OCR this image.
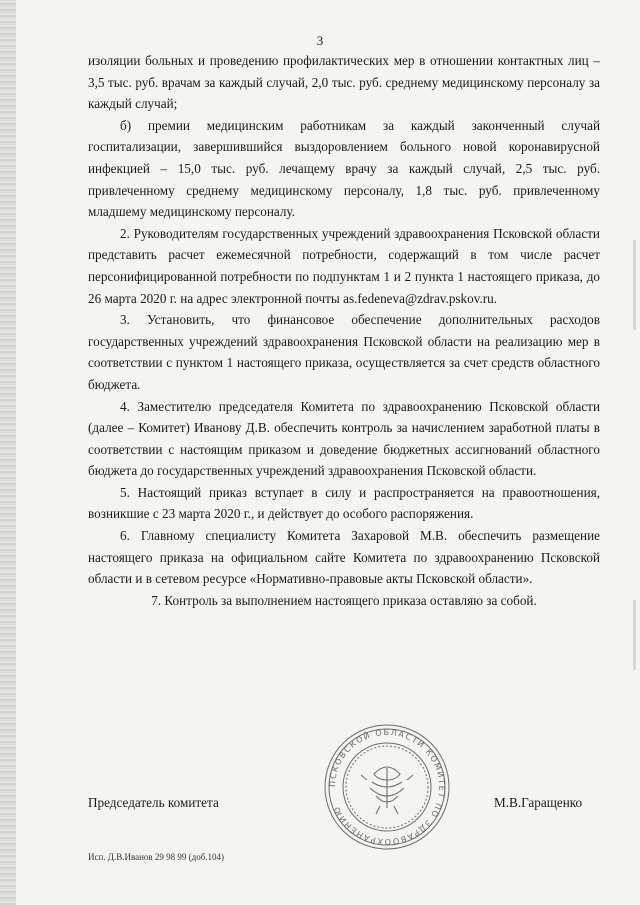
3

изоляции больных и проведению профилактических мер в отношении контактных лиц – 3,5 тыс. руб. врачам за каждый случай, 2,0 тыс. руб. среднему медицинскому персоналу за каждый случай;

б) премии медицинским работникам за каждый законченный случай госпитализации, завершившийся выздоровлением больного новой коронавирусной инфекцией – 15,0 тыс. руб. лечащему врачу за каждый случай, 2,5 тыс. руб. привлеченному среднему медицинскому персоналу, 1,8 тыс. руб. привлеченному младшему медицинскому персоналу.

2. Руководителям государственных учреждений здравоохранения Псковской области представить расчет ежемесячной потребности, содержащий в том числе расчет персонифицированной потребности по подпунктам 1 и 2 пункта 1 настоящего приказа, до 26 марта 2020 г. на адрес электронной почты as.fedeneva@zdrav.pskov.ru.

3. Установить, что финансовое обеспечение дополнительных расходов государственных учреждений здравоохранения Псковской области на реализацию мер в соответствии с пунктом 1 настоящего приказа, осуществляется за счет средств областного бюджета.

4. Заместителю председателя Комитета по здравоохранению Псковской области (далее – Комитет) Иванову Д.В. обеспечить контроль за начислением заработной платы в соответствии с настоящим приказом и доведение бюджетных ассигнований областного бюджета до государственных учреждений здравоохранения Псковской области.

5. Настоящий приказ вступает в силу и распространяется на правоотношения, возникшие с 23 марта 2020 г., и действует до особого распоряжения.

6. Главному специалисту Комитета Захаровой М.В. обеспечить размещение настоящего приказа на официальном сайте Комитета по здравоохранению Псковской области и в сетевом ресурсе «Нормативно-правовые акты Псковской области».

7. Контроль за выполнением настоящего приказа оставляю за собой.

ПСКОВСКОЙ ОБЛАСТИ КОМИТЕТ ПО ЗДРАВООХРАНЕНИЮ
Председатель комитета	М.В.Гаращенко
Исп. Д.В.Иванов 29 98 99 (доб.104)
